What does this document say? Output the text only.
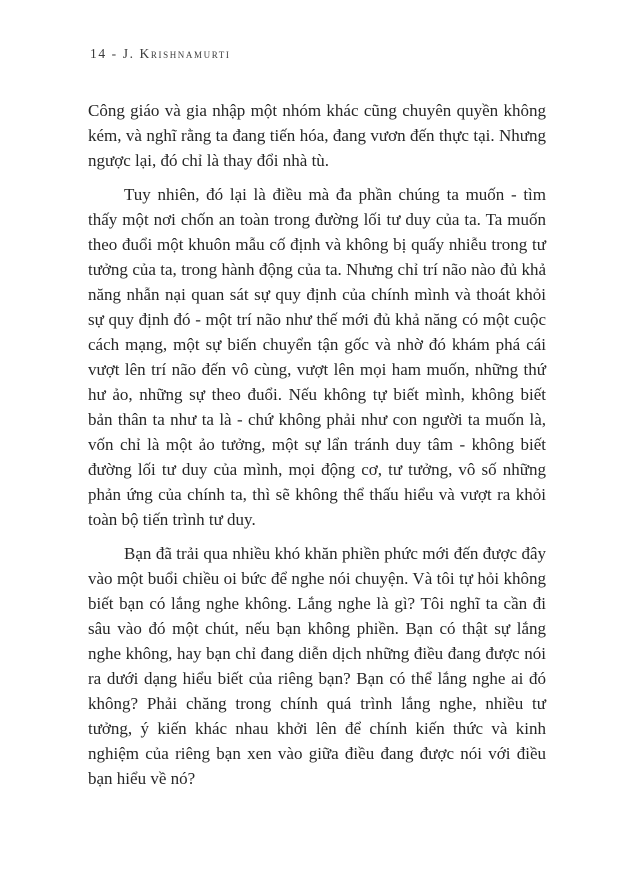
14 - J. Krishnamurti

Công giáo và gia nhập một nhóm khác cũng chuyên quyền không kém, và nghĩ rằng ta đang tiến hóa, đang vươn đến thực tại. Nhưng ngược lại, đó chỉ là thay đổi nhà tù.

Tuy nhiên, đó lại là điều mà đa phần chúng ta muốn - tìm thấy một nơi chốn an toàn trong đường lối tư duy của ta. Ta muốn theo đuổi một khuôn mẫu cố định và không bị quấy nhiễu trong tư tưởng của ta, trong hành động của ta. Nhưng chỉ trí não nào đủ khả năng nhẫn nại quan sát sự quy định của chính mình và thoát khỏi sự quy định đó - một trí não như thế mới đủ khả năng có một cuộc cách mạng, một sự biến chuyển tận gốc và nhờ đó khám phá cái vượt lên trí não đến vô cùng, vượt lên mọi ham muốn, những thứ hư ảo, những sự theo đuổi. Nếu không tự biết mình, không biết bản thân ta như ta là - chứ không phải như con người ta muốn là, vốn chỉ là một ảo tưởng, một sự lẩn tránh duy tâm - không biết đường lối tư duy của mình, mọi động cơ, tư tưởng, vô số những phản ứng của chính ta, thì sẽ không thể thấu hiểu và vượt ra khỏi toàn bộ tiến trình tư duy.

Bạn đã trải qua nhiều khó khăn phiền phức mới đến được đây vào một buổi chiều oi bức để nghe nói chuyện. Và tôi tự hỏi không biết bạn có lắng nghe không. Lắng nghe là gì? Tôi nghĩ ta cần đi sâu vào đó một chút, nếu bạn không phiền. Bạn có thật sự lắng nghe không, hay bạn chỉ đang diễn dịch những điều đang được nói ra dưới dạng hiểu biết của riêng bạn? Bạn có thể lắng nghe ai đó không? Phải chăng trong chính quá trình lắng nghe, nhiều tư tưởng, ý kiến khác nhau khởi lên để chính kiến thức và kinh nghiệm của riêng bạn xen vào giữa điều đang được nói với điều bạn hiểu về nó?
